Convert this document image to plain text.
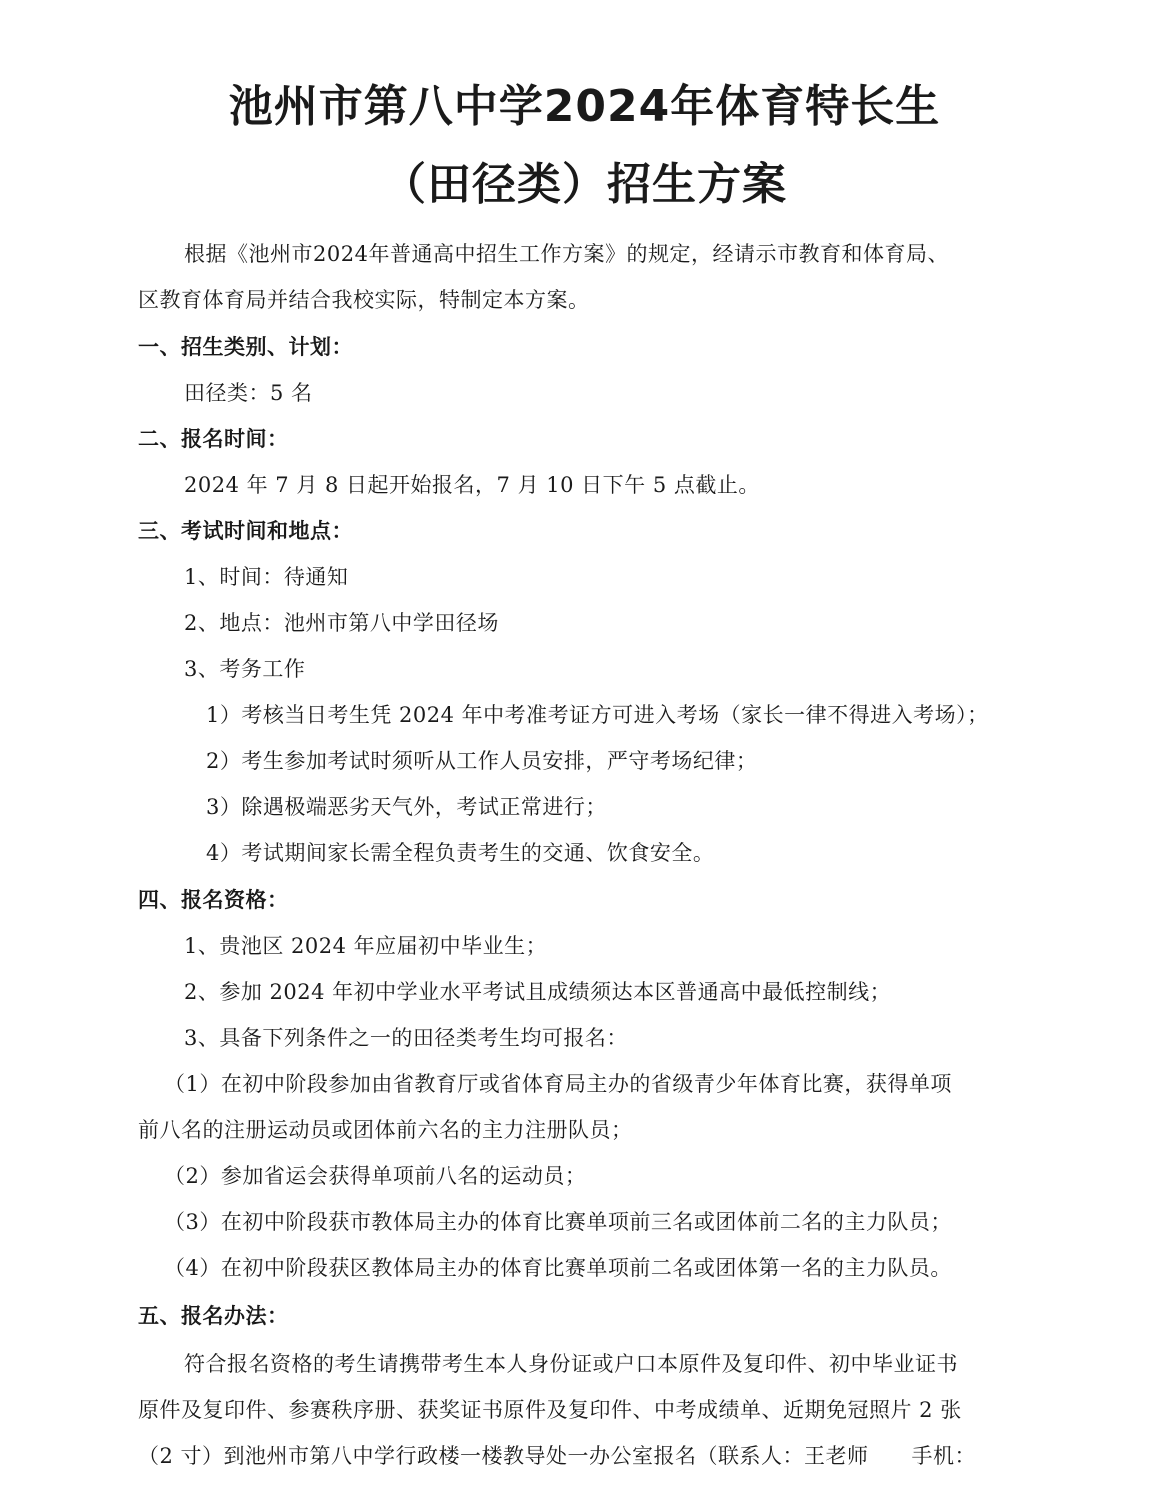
池州市第八中学2024年体育特长生
（田径类）招生方案
根据《池州市2024年普通高中招生工作方案》的规定，经请示市教育和体育局、
区教育体育局并结合我校实际，特制定本方案。
一、招生类别、计划：
田径类：5 名
二、报名时间：
2024 年 7 月 8 日起开始报名，7 月 10 日下午 5 点截止。
三、考试时间和地点：
1、时间：待通知
2、地点：池州市第八中学田径场
3、考务工作
1）考核当日考生凭 2024 年中考准考证方可进入考场（家长一律不得进入考场）；
2）考生参加考试时须听从工作人员安排，严守考场纪律；
3）除遇极端恶劣天气外，考试正常进行；
4）考试期间家长需全程负责考生的交通、饮食安全。
四、报名资格：
1、贵池区 2024 年应届初中毕业生；
2、参加 2024 年初中学业水平考试且成绩须达本区普通高中最低控制线；
3、具备下列条件之一的田径类考生均可报名：
（1）在初中阶段参加由省教育厅或省体育局主办的省级青少年体育比赛，获得单项
前八名的注册运动员或团体前六名的主力注册队员；
（2）参加省运会获得单项前八名的运动员；
（3）在初中阶段获市教体局主办的体育比赛单项前三名或团体前二名的主力队员；
（4）在初中阶段获区教体局主办的体育比赛单项前二名或团体第一名的主力队员。
五、报名办法：
符合报名资格的考生请携带考生本人身份证或户口本原件及复印件、初中毕业证书
原件及复印件、参赛秩序册、获奖证书原件及复印件、中考成绩单、近期免冠照片 2 张
（2 寸）到池州市第八中学行政楼一楼教导处一办公室报名（联系人：王老师　　手机：
